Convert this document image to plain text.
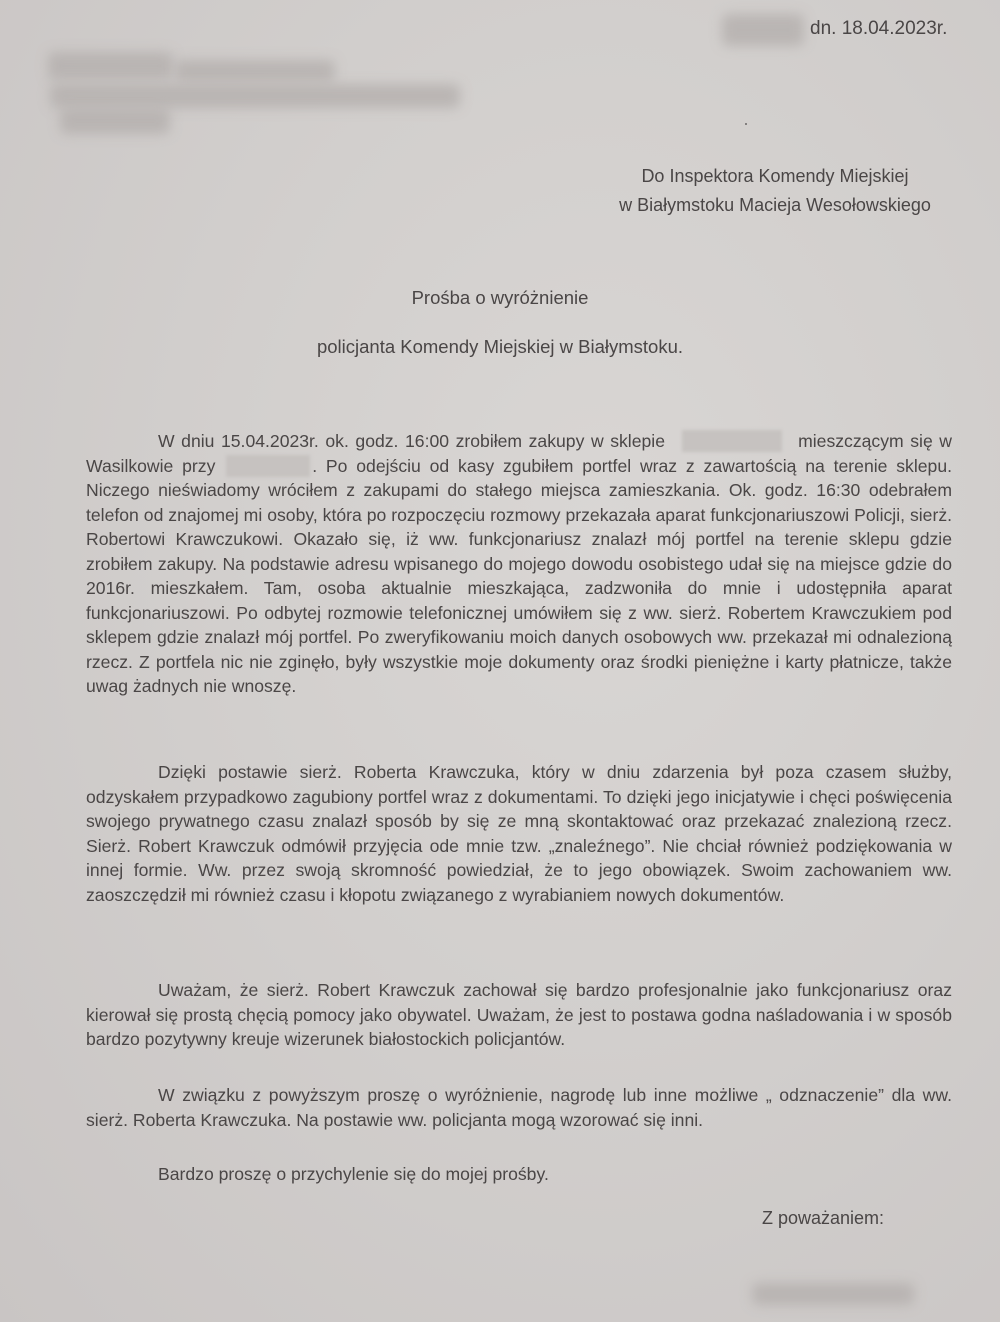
dn. 18.04.2023r.
Do Inspektora Komendy Miejskiej
w Białymstoku Macieja Wesołowskiego
Prośba o wyróżnienie
policjanta Komendy Miejskiej w Białymstoku.

W dniu 15.04.2023r. ok. godz. 16:00 zrobiłem zakupy w sklepie	mieszczącym się w Wasilkowie przy	. Po odejściu od kasy zgubiłem portfel wraz z zawartością na terenie sklepu. Niczego nieświadomy wróciłem z zakupami do stałego miejsca zamieszkania. Ok. godz. 16:30 odebrałem telefon od znajomej mi osoby, która po rozpoczęciu rozmowy przekazała aparat funkcjonariuszowi Policji, sierż. Robertowi Krawczukowi. Okazało się, iż ww. funkcjonariusz znalazł mój portfel na terenie sklepu gdzie zrobiłem zakupy. Na podstawie adresu wpisanego do mojego dowodu osobistego udał się na miejsce gdzie do 2016r. mieszkałem. Tam, osoba aktualnie mieszkająca, zadzwoniła do mnie i udostępniła aparat funkcjonariuszowi. Po odbytej rozmowie telefonicznej umówiłem się z ww. sierż. Robertem Krawczukiem pod sklepem gdzie znalazł mój portfel. Po zweryfikowaniu moich danych osobowych ww. przekazał mi odnalezioną rzecz. Z portfela nic nie zginęło, były wszystkie moje dokumenty oraz środki pieniężne i karty płatnicze, także uwag żadnych nie wnoszę.

Dzięki postawie sierż. Roberta Krawczuka, który w dniu zdarzenia był poza czasem służby, odzyskałem przypadkowo zagubiony portfel wraz z dokumentami. To dzięki jego inicjatywie i chęci poświęcenia swojego prywatnego czasu znalazł sposób by się ze mną skontaktować oraz przekazać znalezioną rzecz. Sierż. Robert Krawczuk odmówił przyjęcia ode mnie tzw. „znaleźnego”. Nie chciał również podziękowania w innej formie. Ww. przez swoją skromność powiedział, że to jego obowiązek. Swoim zachowaniem ww. zaoszczędził mi również czasu i kłopotu związanego z wyrabianiem nowych dokumentów.

Uważam, że sierż. Robert Krawczuk zachował się bardzo profesjonalnie jako funkcjonariusz oraz kierował się prostą chęcią pomocy jako obywatel. Uważam, że jest to postawa godna naśladowania i w sposób bardzo pozytywny kreuje wizerunek białostockich policjantów.

W związku z powyższym proszę o wyróżnienie, nagrodę lub inne możliwe „ odznaczenie” dla ww. sierż. Roberta Krawczuka. Na postawie ww. policjanta mogą wzorować się inni.

Bardzo proszę o przychylenie się do mojej prośby.

Z poważaniem:
